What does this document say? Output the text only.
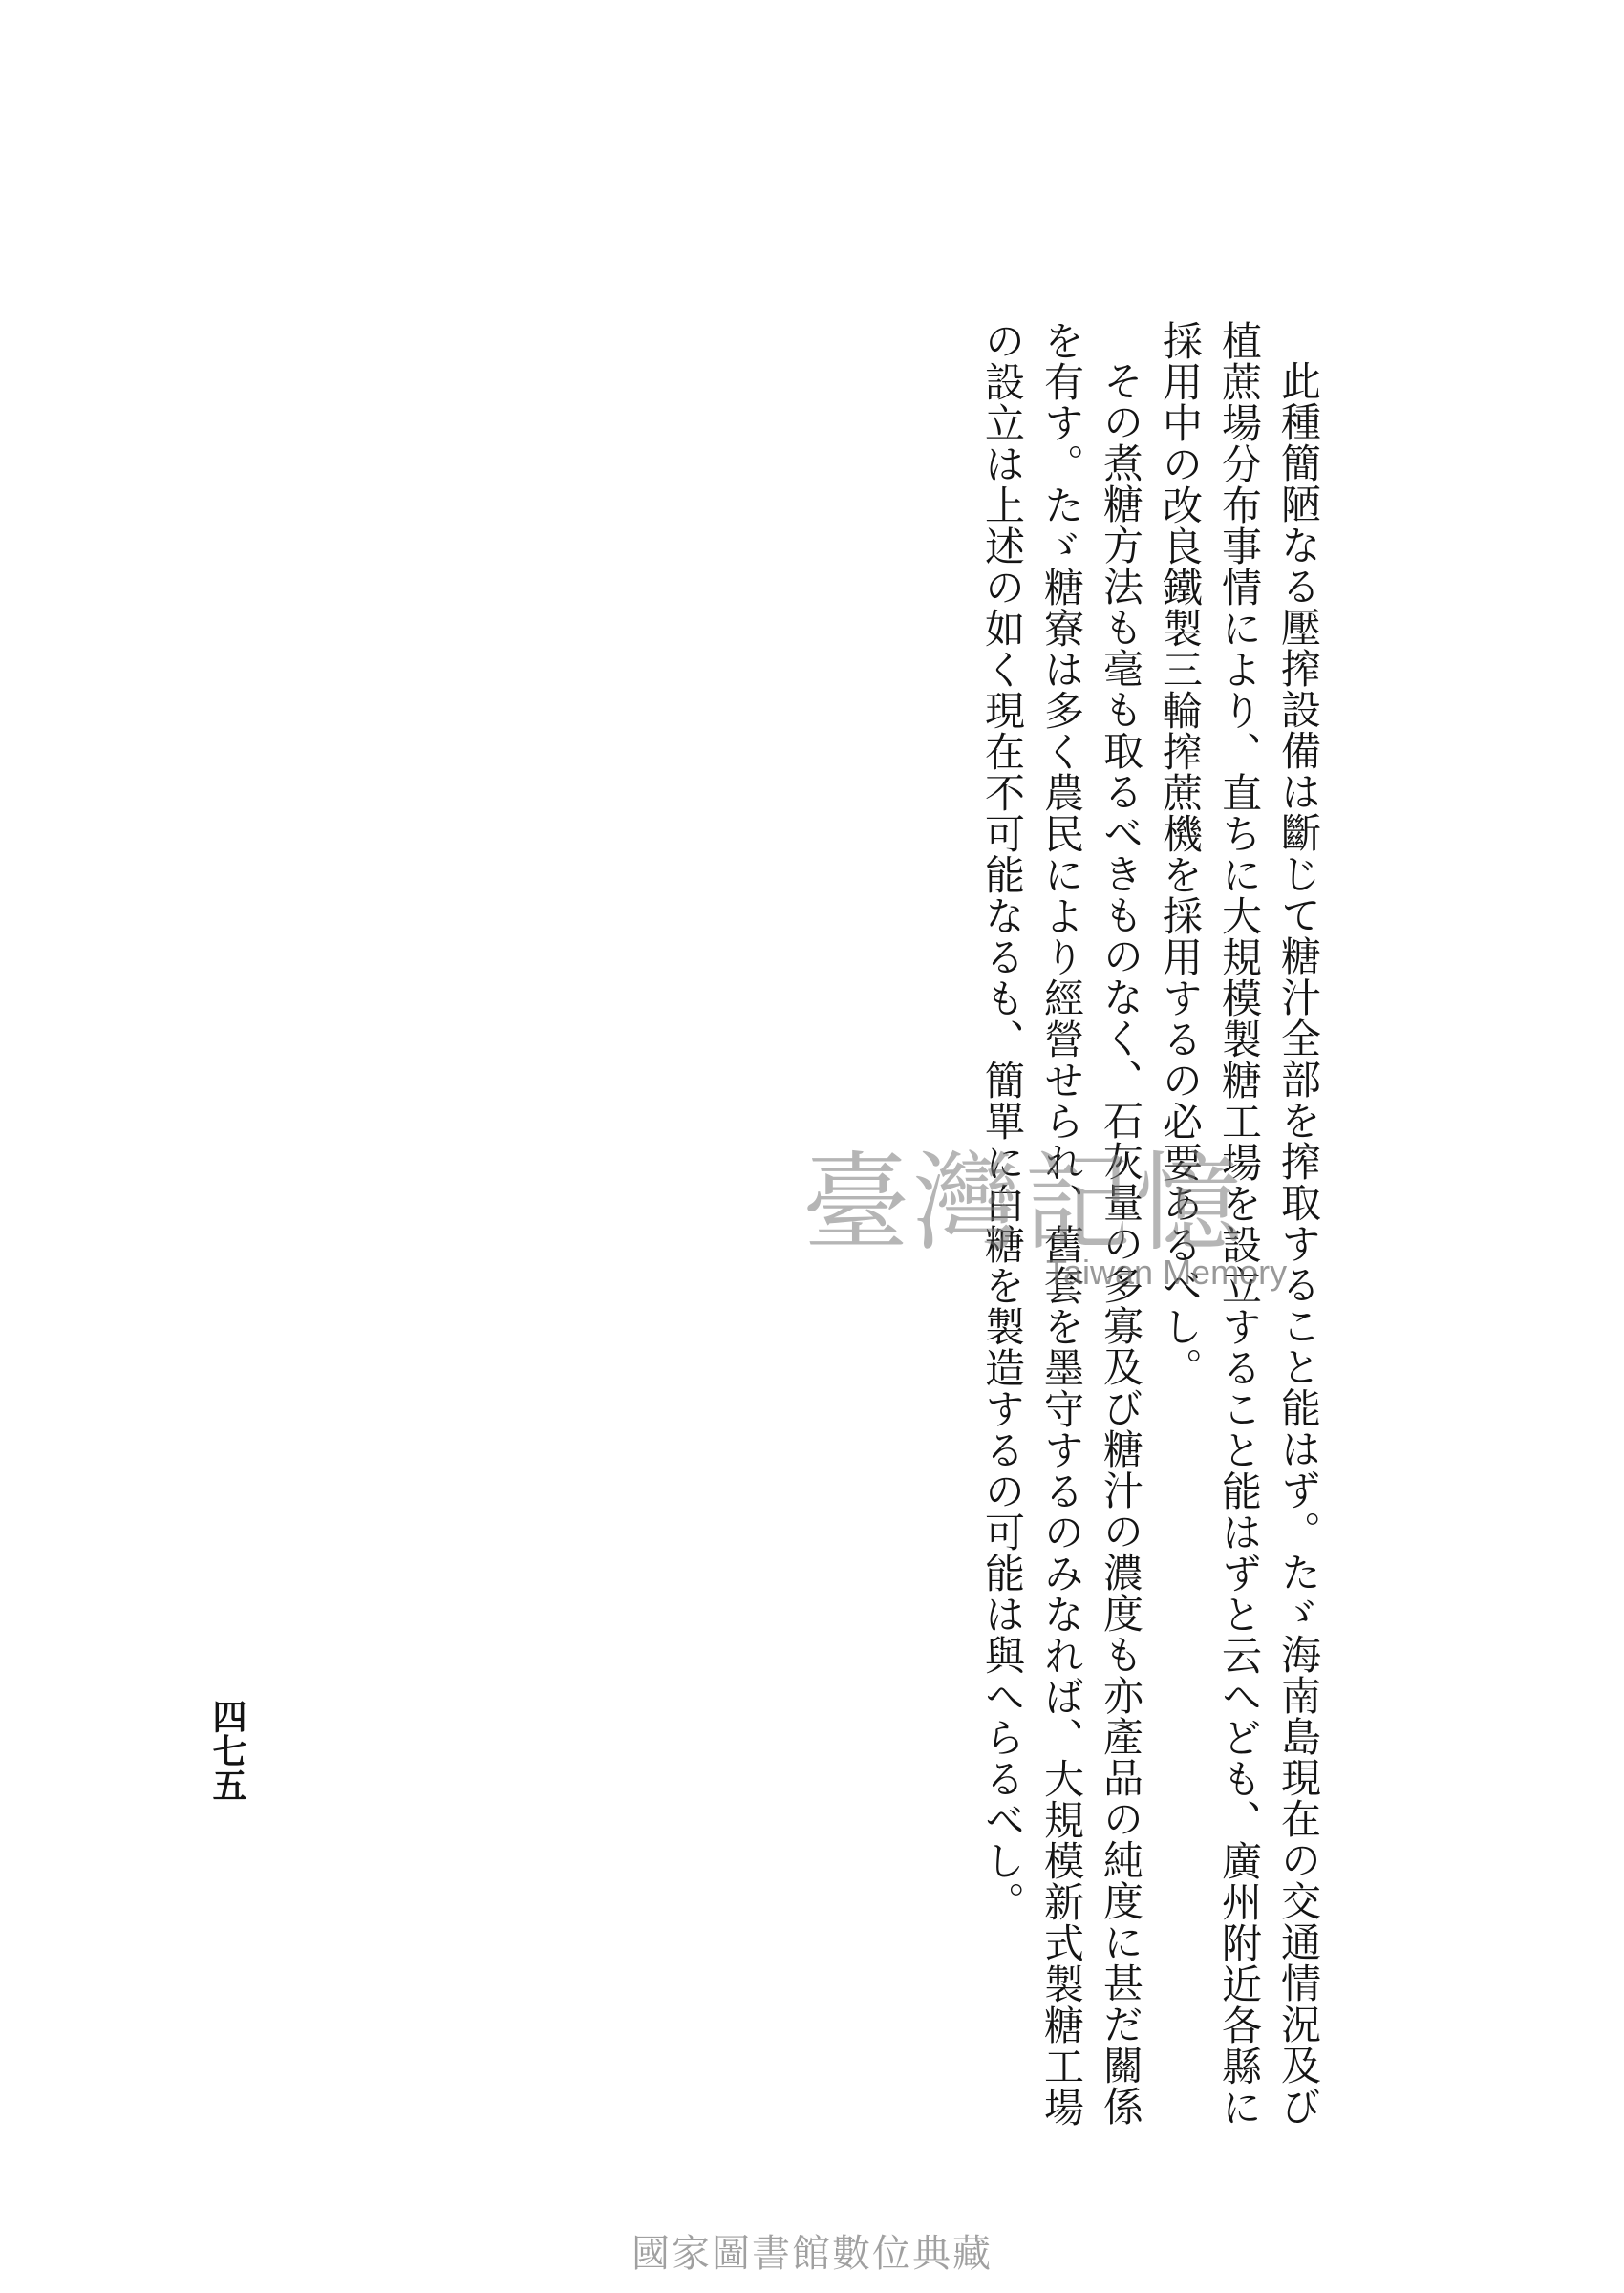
此種簡陋なる壓搾設備は斷じて糖汁全部を搾取すること能はず。たゞ海南島現在の交通情況及び植蔗場分布事情により、直ちに大規模製糖工場を設立すること能はずと云へども、廣州附近各縣に採用中の改良鐵製三輪搾蔗機を採用するの必要あるべし。

その煮糖方法も毫も取るべきものなく、石灰量の多寡及び糖汁の濃度も亦產品の純度に甚だ關係を有す。たゞ糖寮は多く農民により經營せられ、舊套を墨守するのみなれば、大規模新式製糖工場の設立は上述の如く現在不可能なるも、簡單に白糖を製造するの可能は與へらるべし。

四七五
臺灣記憶
Taiwan Memory
國家圖書館數位典藏
